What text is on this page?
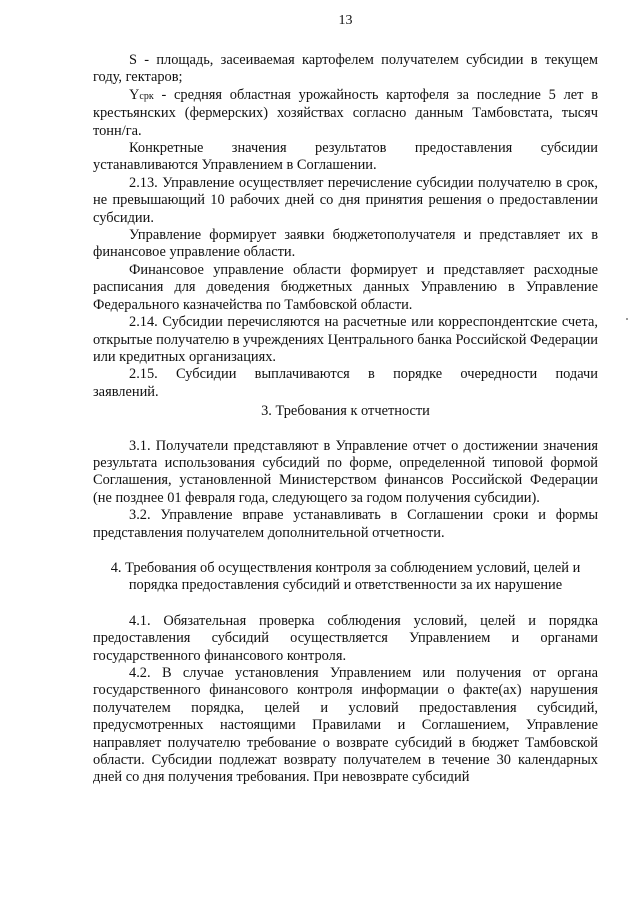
13

S - площадь, засеиваемая картофелем получателем субсидии в текущем году, гектаров;

Yсрк - средняя областная урожайность картофеля за последние 5 лет в крестьянских (фермерских) хозяйствах согласно данным Тамбовстата, тысяч тонн/га.

Конкретные значения результатов предоставления субсидии

устанавливаются Управлением в Соглашении.

2.13. Управление осуществляет перечисление субсидии получателю в срок, не превышающий 10 рабочих дней со дня принятия решения о предоставлении субсидии.

Управление формирует заявки бюджетополучателя и представляет их в финансовое управление области.

Финансовое управление области формирует и представляет расходные расписания для доведения бюджетных данных Управлению в Управление Федерального казначейства по Тамбовской области.

2.14. Субсидии перечисляются на расчетные или корреспондентские счета, открытые получателю в учреждениях Центрального банка Российской Федерации или кредитных организациях.

2.15. Субсидии выплачиваются в порядке очередности подачи

заявлений.

3. Требования к отчетности

3.1. Получатели представляют в Управление отчет о достижении значения результата использования субсидий по форме, определенной типовой формой Соглашения, установленной Министерством финансов Российской Федерации (не позднее 01 февраля года, следующего за годом получения субсидии).

3.2. Управление вправе устанавливать в Соглашении сроки и формы представления получателем дополнительной отчетности.

4. Требования об осуществления контроля за соблюдением условий, целей и порядка предоставления субсидий и ответственности за их нарушение

4.1. Обязательная проверка соблюдения условий, целей и порядка предоставления субсидий осуществляется Управлением и органами государственного финансового контроля.

4.2. В случае установления Управлением или получения от органа государственного финансового контроля информации о факте(ах) нарушения получателем порядка, целей и условий предоставления субсидий, предусмотренных настоящими Правилами и Соглашением, Управление направляет получателю требование о возврате субсидий в бюджет Тамбовской области. Субсидии подлежат возврату получателем в течение 30 календарных дней со дня получения требования. При невозврате субсидий
